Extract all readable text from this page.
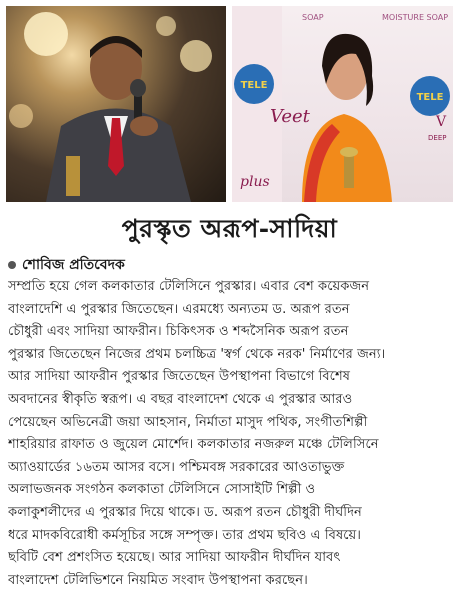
TELE
TELE
SOAP	MOISTURE SOAP
Veet
plus
V
DEEP
পুরস্কৃত অরূপ-সাদিয়া
শোবিজ প্রতিবেদক
সম্প্রতি হয়ে গেল কলকাতার টেলিসিনে পুরস্কার। এবার বেশ কয়েকজন
বাংলাদেশি এ পুরস্কার জিতেছেন। এরমধ্যে অন্যতম ড. অরূপ রতন
চৌধুরী এবং সাদিয়া আফরীন। চিকিৎসক ও শব্দসৈনিক অরূপ রতন
পুরস্কার জিতেছেন নিজের প্রথম চলচ্চিত্র 'স্বর্গ থেকে নরক' নির্মাণের জন্য।
আর সাদিয়া আফরীন পুরস্কার জিতেছেন উপস্থাপনা বিভাগে বিশেষ
অবদানের স্বীকৃতি স্বরূপ। এ বছর বাংলাদেশ থেকে এ পুরস্কার আরও
পেয়েছেন অভিনেত্রী জয়া আহসান, নির্মাতা মাসুদ পথিক, সংগীতশিল্পী
শাহরিয়ার রাফাত ও জুয়েল মোর্শেদ। কলকাতার নজরুল মঞ্চে টেলিসিনে
অ্যাওয়ার্ডের ১৬তম আসর বসে। পশ্চিমবঙ্গ সরকারের আওতাভুক্ত
অলাভজনক সংগঠন কলকাতা টেলিসিনে সোসাইটি শিল্পী ও
কলাকুশলীদের এ পুরস্কার দিয়ে থাকে। ড. অরূপ রতন চৌধুরী দীর্ঘদিন
ধরে মাদকবিরোধী কর্মসূচির সঙ্গে সম্পৃক্ত। তার প্রথম ছবিও এ বিষয়ে।
ছবিটি বেশ প্রশংসিত হয়েছে। আর সাদিয়া আফরীন দীর্ঘদিন যাবৎ
বাংলাদেশ টেলিভিশনে নিয়মিত সংবাদ উপস্থাপনা করছেন।
